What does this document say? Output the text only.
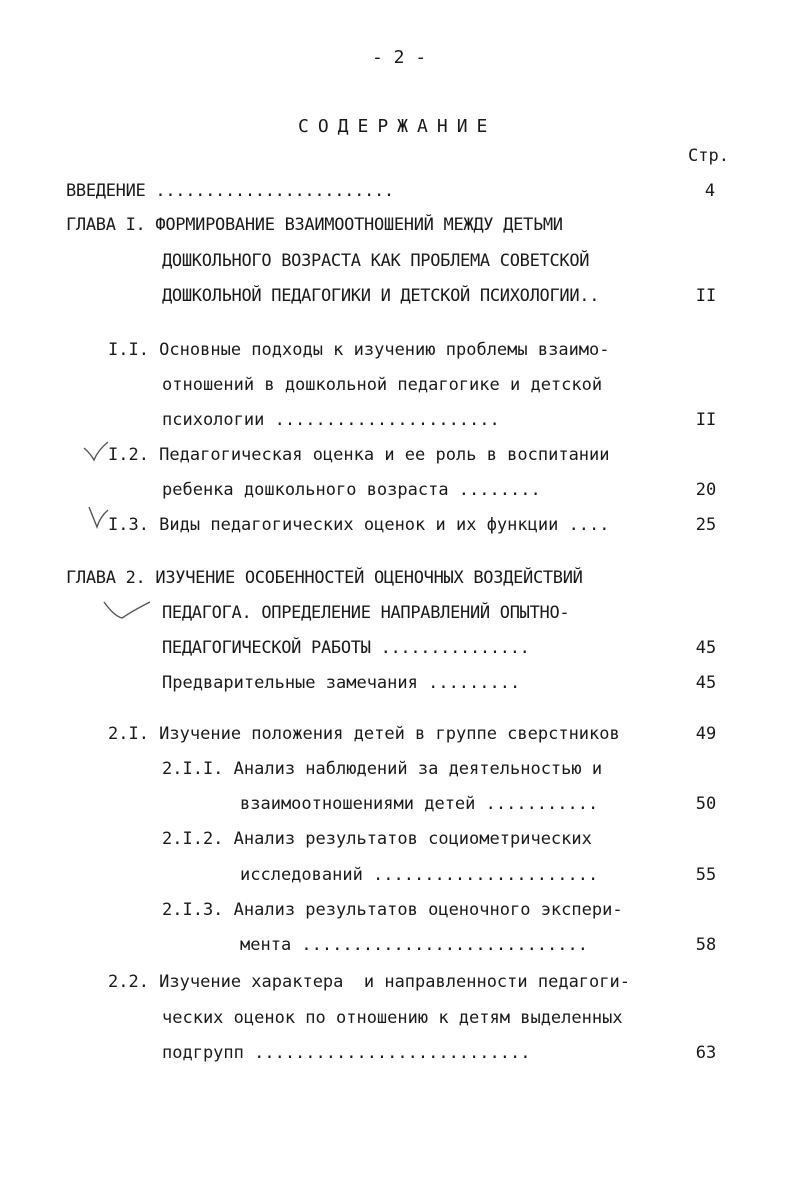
- 2 -
СОДЕРЖАНИЕ
Стр.
ВВЕДЕНИЕ ........................	4
ГЛАВА I. ФОРМИРОВАНИЕ ВЗАИМООТНОШЕНИЙ МЕЖДУ ДЕТЬМИ
ДОШКОЛЬНОГО ВОЗРАСТА КАК ПРОБЛЕМА СОВЕТСКОЙ
ДОШКОЛЬНОЙ ПЕДАГОГИКИ И ДЕТСКОЙ ПСИХОЛОГИИ..	II
I.I. Основные подходы к изучению проблемы взаимо-
отношений в дошкольной педагогике и детской
психологии ......................	II
I.2. Педагогическая оценка и ее роль в воспитании
ребенка дошкольного возраста ........	20
I.3. Виды педагогических оценок и их функции ....	25
ГЛАВА 2. ИЗУЧЕНИЕ ОСОБЕННОСТЕЙ ОЦЕНОЧНЫХ ВОЗДЕЙСТВИЙ
ПЕДАГОГА. ОПРЕДЕЛЕНИЕ НАПРАВЛЕНИЙ ОПЫТНО-
ПЕДАГОГИЧЕСКОЙ РАБОТЫ ...............	45
Предварительные замечания .........	45
2.I. Изучение положения детей в группе сверстников	49
2.I.I. Анализ наблюдений за деятельностью и
взаимоотношениями детей ...........	50
2.I.2. Анализ результатов социометрических
исследований ......................	55
2.I.3. Анализ результатов оценочного экспери-
мента ............................	58
2.2. Изучение характера  и направленности педагоги-
ческих оценок по отношению к детям выделенных
подгрупп ...........................	63
